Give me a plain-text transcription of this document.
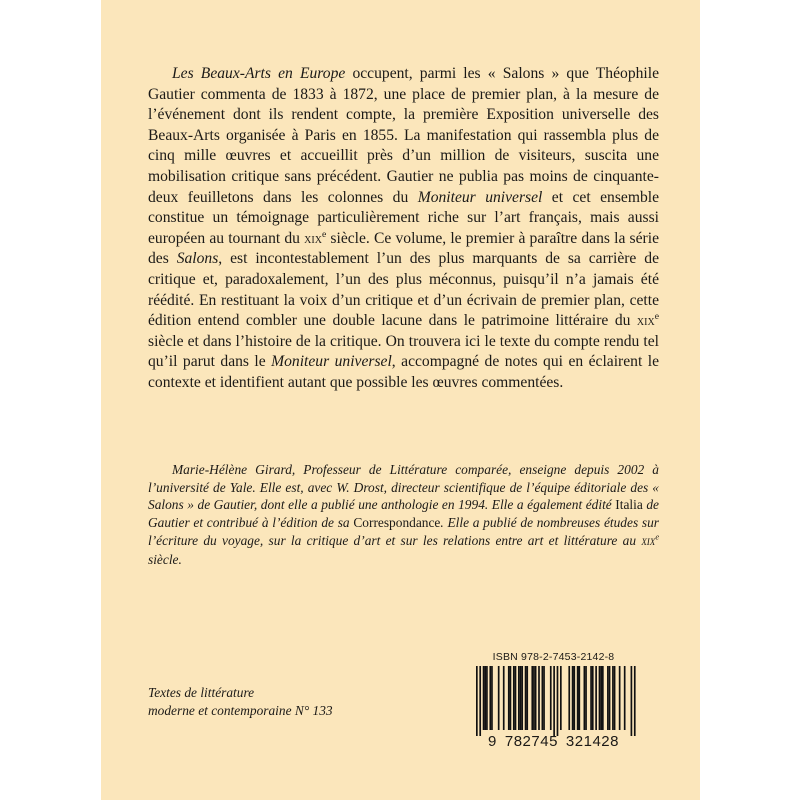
Les Beaux-Arts en Europe occupent, parmi les « Salons » que Théophile Gautier commenta de 1833 à 1872, une place de premier plan, à la mesure de l’événement dont ils rendent compte, la première Exposition universelle des Beaux-Arts organisée à Paris en 1855. La manifestation qui rassembla plus de cinq mille œuvres et accueillit près d’un million de visiteurs, suscita une mobilisation critique sans précédent. Gautier ne publia pas moins de cinquante-deux feuilletons dans les colonnes du Moniteur universel et cet ensemble constitue un témoignage particulièrement riche sur l’art français, mais aussi européen au tournant du xix$^e$ siècle. Ce volume, le premier à paraître dans la série des Salons, est incontestablement l’un des plus marquants de sa carrière de critique et, paradoxalement, l’un des plus méconnus, puisqu’il n’a jamais été réédité. En restituant la voix d’un critique et d’un écrivain de premier plan, cette édition entend combler une double lacune dans le patrimoine littéraire du xix$^e$ siècle et dans l’histoire de la critique. On trouvera ici le texte du compte rendu tel qu’il parut dans le Moniteur universel, accompagné de notes qui en éclairent le contexte et identifient autant que possible les œuvres commentées.

Marie-Hélène Girard, Professeur de Littérature comparée, enseigne depuis 2002 à l’université de Yale. Elle est, avec W. Drost, directeur scientifique de l’équipe éditoriale des « Salons » de Gautier, dont elle a publié une anthologie en 1994. Elle a également édité Italia de Gautier et contribué à l’édition de sa Correspondance. Elle a publié de nombreuses études sur l’écriture du voyage, sur la critique d’art et sur les relations entre art et littérature au xix$^e$ siècle.

Textes de littérature
moderne et contemporaine N° 133
ISBN 978-2-7453-2142-8
9 782745 321428
